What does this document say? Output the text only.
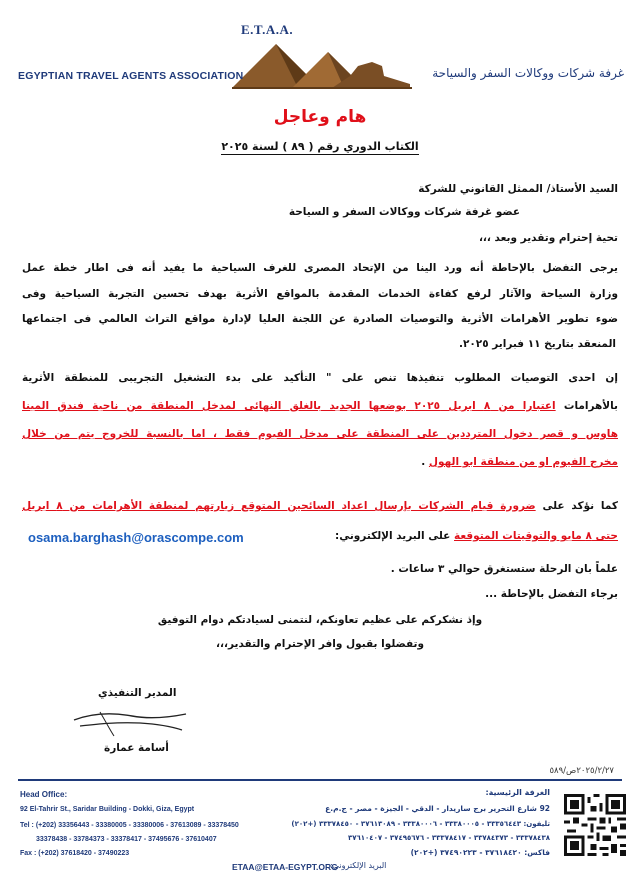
E.T.A.A.
EGYPTIAN TRAVEL AGENTS ASSOCIATION	غرفة شركات ووكالات السفر والسياحة
هام وعاجل
الكتاب الدوري رقم ( ٨٩ ) لسنة ٢٠٢٥
السيد الأستاذ/ الممثل القانوني للشركة
عضو غرفة شركات ووكالات السفر و السياحة
تحية إحترام وتقدير وبعد ،،،
يرجى التفضل بالإحاطة أنه ورد الينا من الإتحاد المصرى للغرف السياحية ما يفيد أنه فى اطار خطة عمل
وزارة السياحة والآثار لرفع كفاءة الخدمات المقدمة بالمواقع الأثرية بهدف تحسين التجربة السياحية وفى
ضوء تطوير الأهرامات الأثرية والتوصيات الصادرة عن اللجنة العليا لإدارة مواقع التراث العالمي فى اجتماعها
المنعقد بتاريخ ١١ فبراير ٢٠٢٥.
إن احدى التوصيات المطلوب تنفيذها تنص على " التأكيد على بدء التشغيل التجريبى للمنطقة الأثرية
بالأهرامات اعتبارا من ٨ ابريل ٢٠٢٥ بوضعها الجديد بالغلق النهائى لمدخل المنطقة من ناحية فندق المينا
هاوس و قصر دخول المترددين على المنطقة على مدخل الفيوم فقط ، اما بالنسبة للخروج يتم من خلال
مخرج الفيوم او من منطقة ابو الهول .
كما نؤكد على ضرورة قيام الشركات بإرسال اعداد السائحين المتوقع زيارتهم لمنطقة الأهرامات من ٨ ابريل
حتى ٨ مايو والتوقيتات المتوقعة على البريد الإلكتروني:
osama.barghash@orascompe.com
علماً بان الرحلة ستستغرق حوالي ٣ ساعات .
برجاء التفضل بالإحاطة ...
وإذ نشكركم على عظيم تعاونكم، لنتمنى لسيادتكم دوام التوفيق
وتفضلوا بقبول وافر الإحترام والتقدير،،،
المدير التنفيذي
أسامة عمارة
٢٠٢٥/٢/٢٧ص/٥٨٩
Head Office:
92 El-Tahrir St., Saridar Building - Dokki, Giza, Egypt
Tel : (+202) 33356443 - 33380005 - 33380006 - 37613089 - 33378450
33378438 - 33784373 - 33378417 - 37495676 - 37610407
Fax : (+202) 37618420 - 37490223
الغرفة الرئيسية:
92 شارع التحرير برج ساريدار - الدقي - الجيزة - مصر - ج.م.ع
تليفون: ٣٣٣٥٦٤٤٣ - ٣٣٣٨٠٠٠٥ - ٣٣٣٨٠٠٠٦ - ٣٧٦١٣٠٨٩ - ٣٣٣٧٨٤٥٠ (+٢٠٢)
٣٣٣٧٨٤٣٨ - ٣٣٧٨٤٣٧٣ - ٣٣٣٧٨٤١٧ - ٣٧٤٩٥٦٧٦ - ٣٧٦١٠٤٠٧
فاكس: ٣٧٦١٨٤٢٠ - ٣٧٤٩٠٢٢٣ (+٢٠٢)
ETAA@ETAA-EGYPT.ORG
البريد الإلكتروني:
